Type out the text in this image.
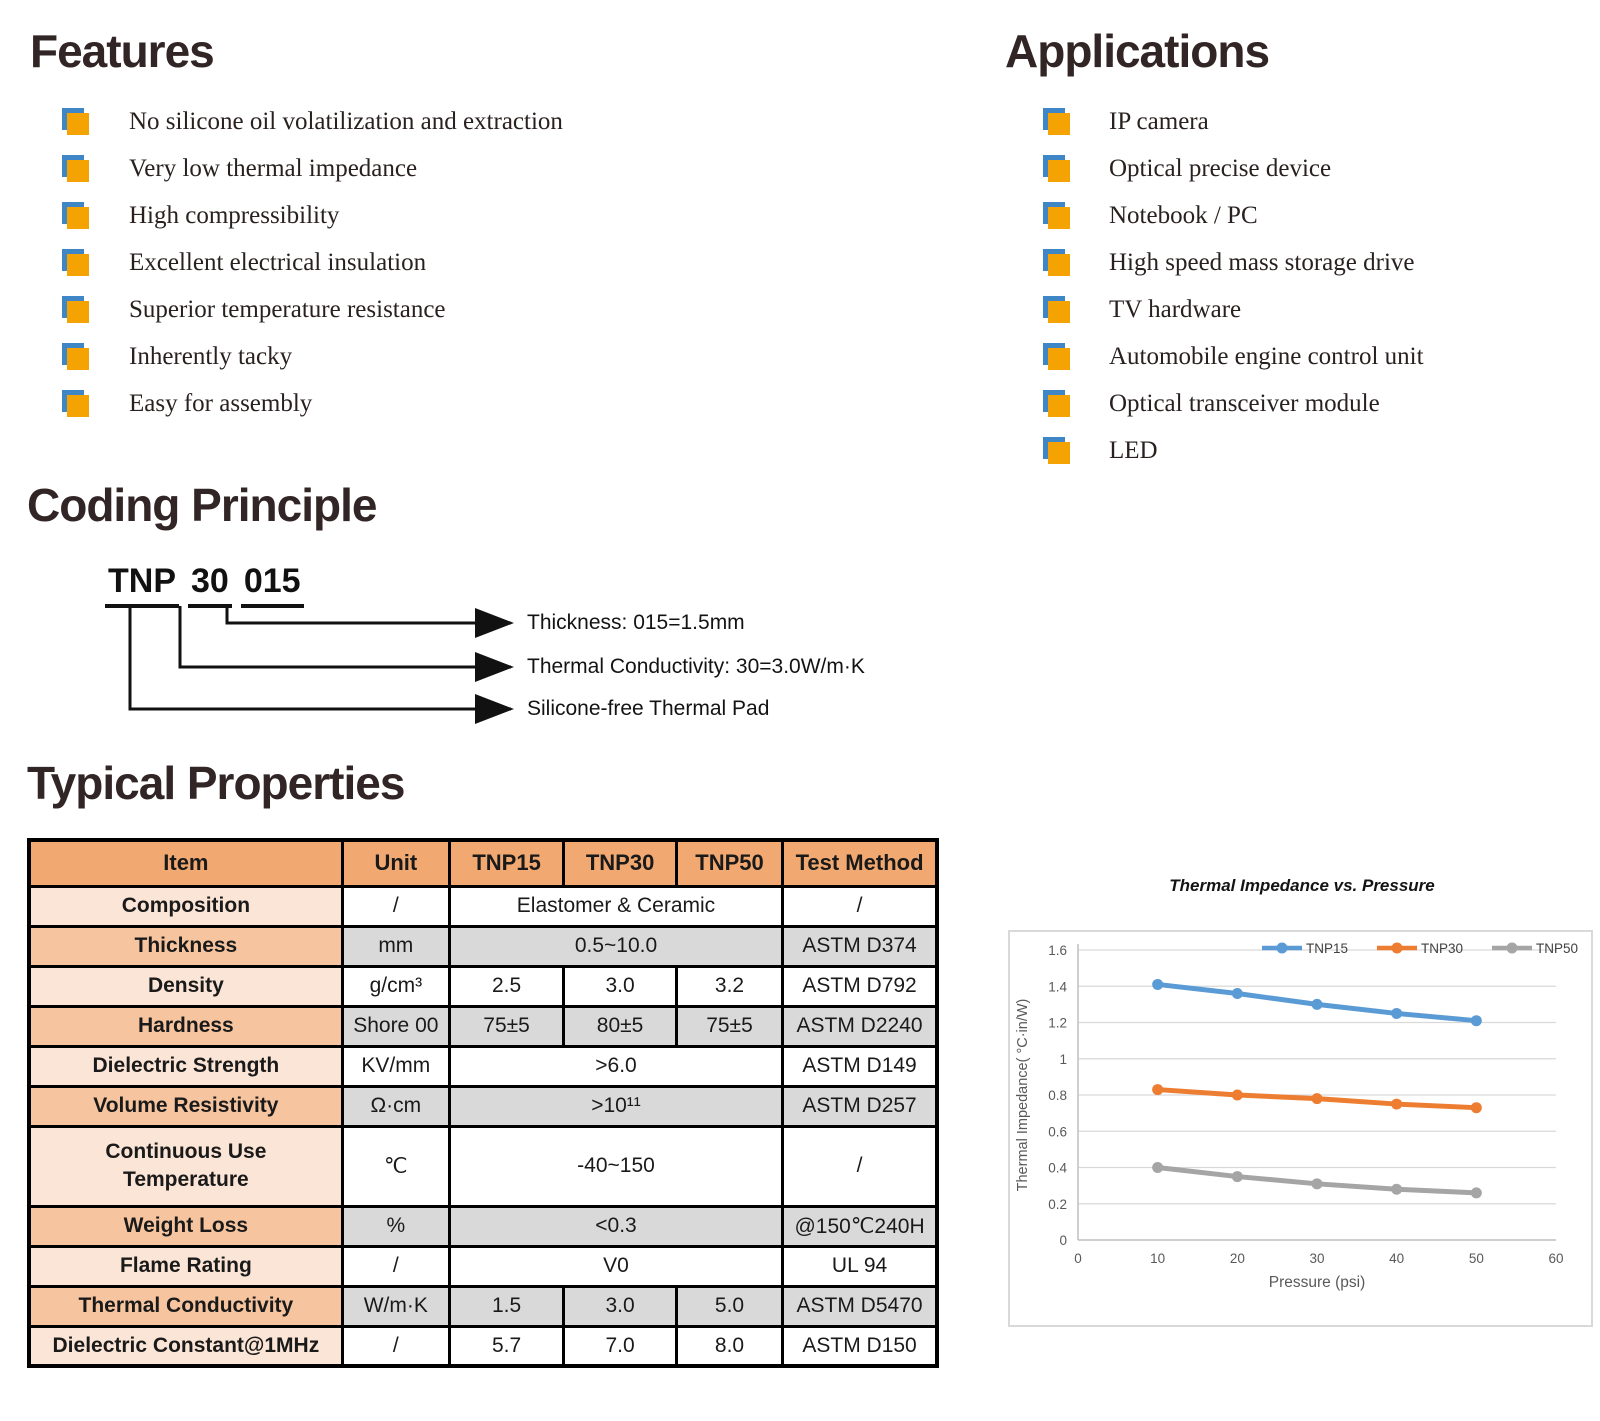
Features
No silicone oil volatilization and extraction
Very low thermal impedance
High compressibility
Excellent electrical insulation
Superior temperature resistance
Inherently tacky
Easy for assembly
Applications
IP camera
Optical precise device
Notebook / PC
High speed mass storage drive
TV hardware
Automobile engine control unit
Optical transceiver module
LED
Coding Principle
TNP 30 015
Thickness: 015=1.5mm
Thermal Conductivity: 30=3.0W/m·K
Silicone-free Thermal Pad
Typical Properties
Item	Unit	TNP15	TNP30	TNP50	Test Method
Composition	/	Elastomer & Ceramic			/
Thickness	mm	0.5~10.0			ASTM D374
Density	g/cm³	2.5	3.0	3.2	ASTM D792
Hardness	Shore 00	75±5	80±5	75±5	ASTM D2240
Dielectric Strength	KV/mm	>6.0			ASTM D149
Volume Resistivity	Ω·cm	>10¹¹			ASTM D257
Continuous Use Temperature	℃	-40~150			/
Weight Loss	%	<0.3			@150℃240H
Flame Rating	/	V0			UL 94
Thermal Conductivity	W/m·K	1.5	3.0	5.0	ASTM D5470
Dielectric Constant@1MHz	/	5.7	7.0	8.0	ASTM D150
Thermal Impedance vs. Pressure
0
0.2
0.4
0.6
0.8
1
1.2
1.4
1.6
0	10	20	30	40	50	60
Pressure (psi)
Thermal Impedance( °C·in/W)
TNP15	TNP30	TNP50
